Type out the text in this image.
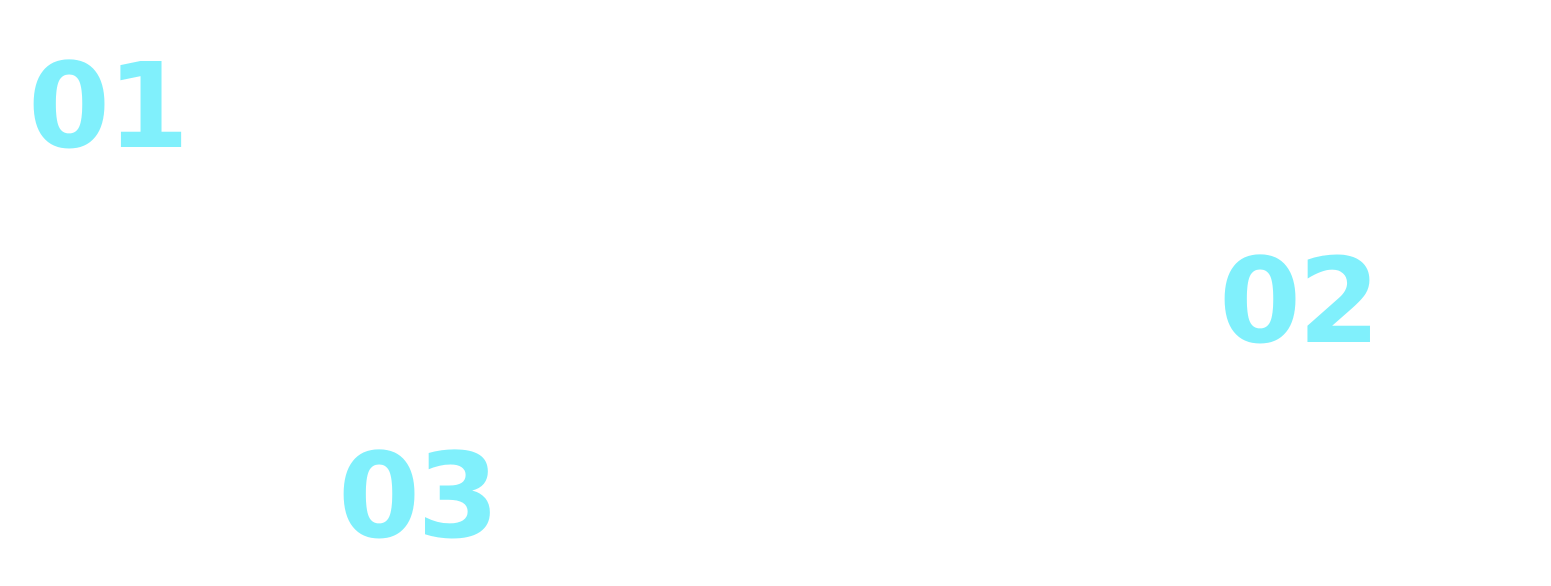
01
02
03
